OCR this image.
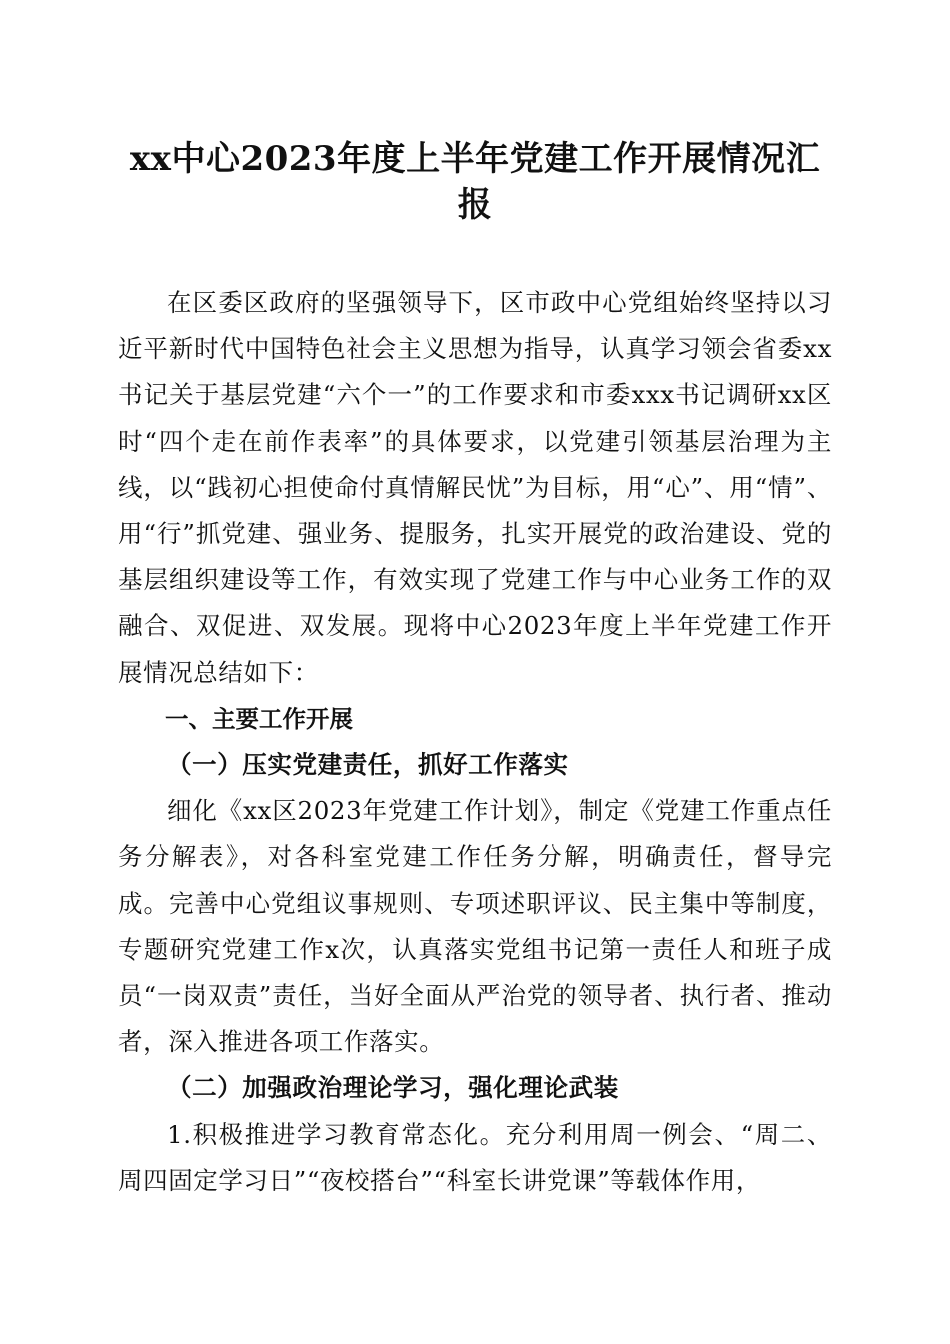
xx中心2023年度上半年党建工作开展情况汇报

在区委区政府的坚强领导下，区市政中心党组始终坚持以习近平新时代中国特色社会主义思想为指导，认真学习领会省委xx书记关于基层党建“六个一”的工作要求和市委xxx书记调研xx区时“四个走在前作表率”的具体要求，以党建引领基层治理为主线，以“践初心担使命付真情解民忧”为目标，用“心”、用“情”、用“行”抓党建、强业务、提服务，扎实开展党的政治建设、党的基层组织建设等工作，有效实现了党建工作与中心业务工作的双融合、双促进、双发展。现将中心2023年度上半年党建工作开展情况总结如下：

一、主要工作开展

（一）压实党建责任，抓好工作落实

细化《xx区2023年党建工作计划》，制定《党建工作重点任务分解表》，对各科室党建工作任务分解，明确责任，督导完成。完善中心党组议事规则、专项述职评议、民主集中等制度，专题研究党建工作x次，认真落实党组书记第一责任人和班子成员“一岗双责”责任，当好全面从严治党的领导者、执行者、推动者，深入推进各项工作落实。

（二）加强政治理论学习，强化理论武装

1.积极推进学习教育常态化。充分利用周一例会、“周二、周四固定学习日”“夜校搭台”“科室长讲党课”等载体作用，
